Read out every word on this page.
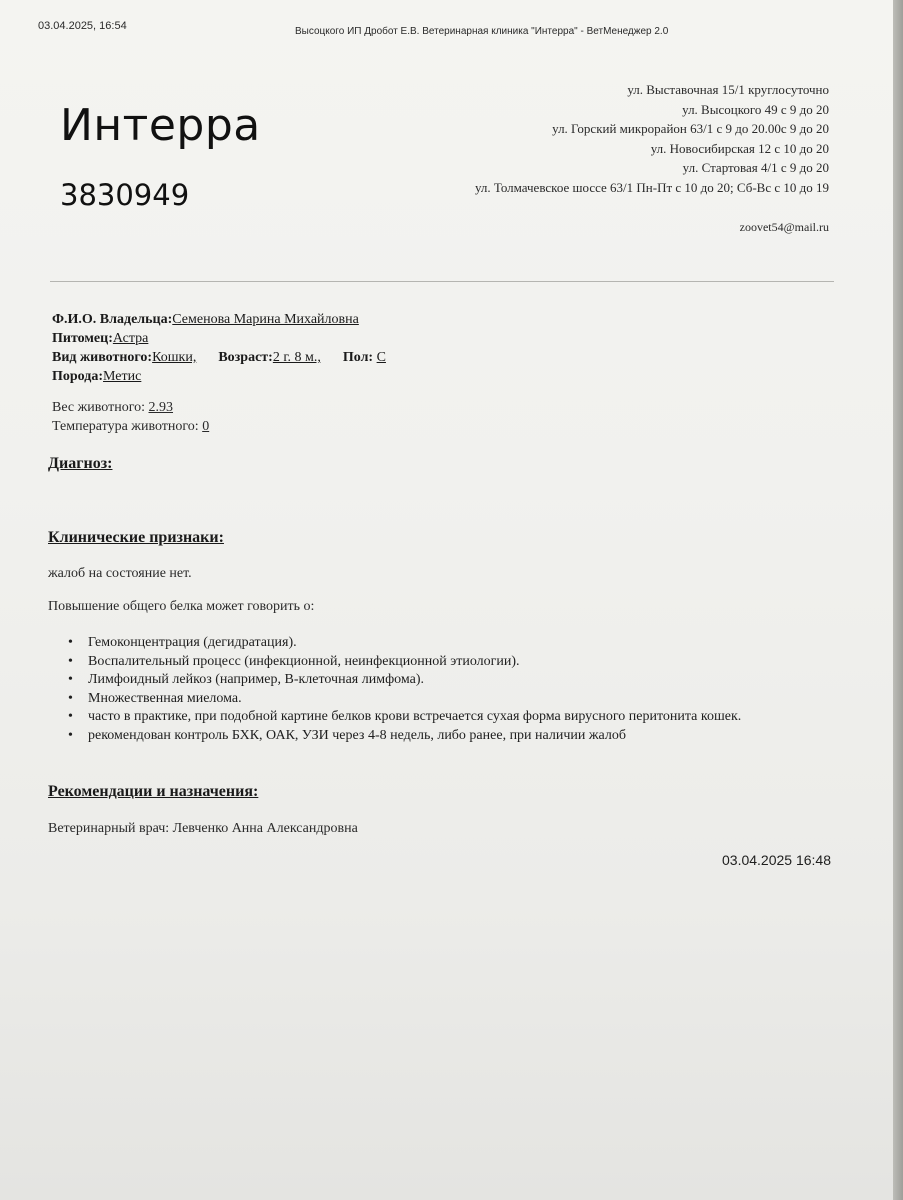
03.04.2025, 16:54	Высоцкого ИП Дробот Е.В. Ветеринарная клиника "Интерра" - ВетМенеджер 2.0
Интерра
3830949
ул. Выставочная 15/1 круглосуточно
ул. Высоцкого 49 с 9 до 20
ул. Горский микрорайон 63/1 с 9 до 20.00с 9 до 20
ул. Новосибирская 12 с 10 до 20
ул. Стартовая 4/1 с 9 до 20
ул. Толмачевское шоссе 63/1 Пн-Пт с 10 до 20; Сб-Вс с 10 до 19
zoovet54@mail.ru
Ф.И.О. Владельца:Семенова Марина Михайловна
Питомец:Астра
Вид животного:Кошки, Возраст:2 г. 8 м., Пол: С
Порода:Метис
Вес животного: 2.93
Температура животного: 0
Диагноз:
Клинические признаки:
жалоб на состояние нет.
Повышение общего белка может говорить о:
• Гемоконцентрация (дегидратация).
• Воспалительный процесс (инфекционной, неинфекционной этиологии).
• Лимфоидный лейкоз (например, В-клеточная лимфома).
• Множественная миелома.
• часто в практике, при подобной картине белков крови встречается сухая форма вирусного перитонита кошек.
• рекомендован контроль БХК, ОАК, УЗИ через 4-8 недель, либо ранее, при наличии жалоб
Рекомендации и назначения:
Ветеринарный врач: Левченко Анна Александровна
03.04.2025 16:48
